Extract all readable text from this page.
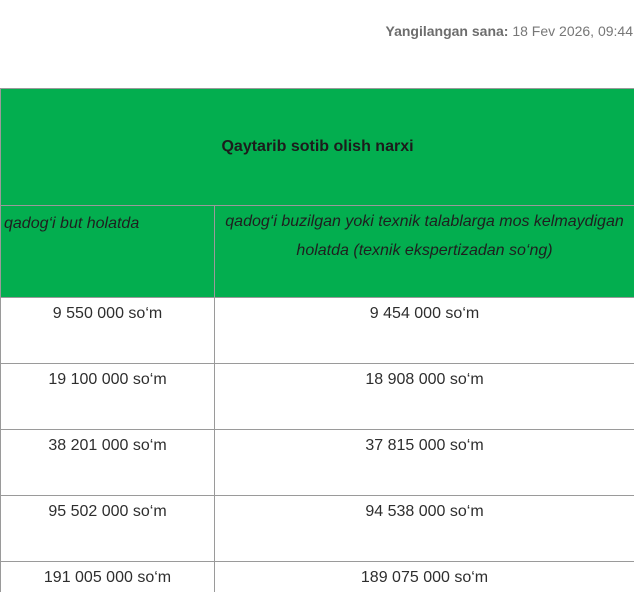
Yangilangan sana: 18 Fev 2026, 09:44
Qaytarib sotib olish narxi	
qadog‘i but holatda	qadog‘i buzilgan yoki texnik talablarga mos kelmaydigan holatda (texnik ekspertizadan so‘ng)
9 550 000 so‘m	9 454 000 so‘m
19 100 000 so‘m	18 908 000 so‘m
38 201 000 so‘m	37 815 000 so‘m
95 502 000 so‘m	94 538 000 so‘m
191 005 000 so‘m	189 075 000 so‘m
